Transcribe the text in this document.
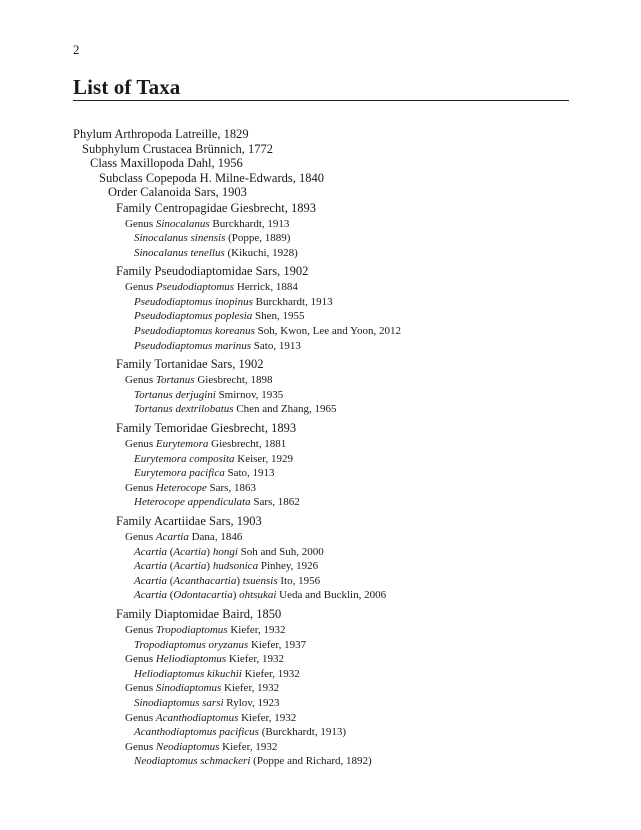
2
List of Taxa
Phylum Arthropoda Latreille, 1829
Subphylum Crustacea Brünnich, 1772
Class Maxillopoda Dahl, 1956
Subclass Copepoda H. Milne-Edwards, 1840
Order Calanoida Sars, 1903
Family Centropagidae Giesbrecht, 1893
Genus Sinocalanus Burckhardt, 1913
Sinocalanus sinensis (Poppe, 1889)
Sinocalanus tenellus (Kikuchi, 1928)
Family Pseudodiaptomidae Sars, 1902
Genus Pseudodiaptomus Herrick, 1884
Pseudodiaptomus inopinus Burckhardt, 1913
Pseudodiaptomus poplesia Shen, 1955
Pseudodiaptomus koreanus Soh, Kwon, Lee and Yoon, 2012
Pseudodiaptomus marinus Sato, 1913
Family Tortanidae Sars, 1902
Genus Tortanus Giesbrecht, 1898
Tortanus derjugini Smirnov, 1935
Tortanus dextrilobatus Chen and Zhang, 1965
Family Temoridae Giesbrecht, 1893
Genus Eurytemora Giesbrecht, 1881
Eurytemora composita Keiser, 1929
Eurytemora pacifica Sato, 1913
Genus Heterocope Sars, 1863
Heterocope appendiculata Sars, 1862
Family Acartiidae Sars, 1903
Genus Acartia Dana, 1846
Acartia (Acartia) hongi Soh and Suh, 2000
Acartia (Acartia) hudsonica Pinhey, 1926
Acartia (Acanthacartia) tsuensis Ito, 1956
Acartia (Odontacartia) ohtsukai Ueda and Bucklin, 2006
Family Diaptomidae Baird, 1850
Genus Tropodiaptomus Kiefer, 1932
Tropodiaptomus oryzanus Kiefer, 1937
Genus Heliodiaptomus Kiefer, 1932
Heliodiaptomus kikuchii Kiefer, 1932
Genus Sinodiaptomus Kiefer, 1932
Sinodiaptomus sarsi Rylov, 1923
Genus Acanthodiaptomus Kiefer, 1932
Acanthodiaptomus pacificus (Burckhardt, 1913)
Genus Neodiaptomus Kiefer, 1932
Neodiaptomus schmackeri (Poppe and Richard, 1892)
